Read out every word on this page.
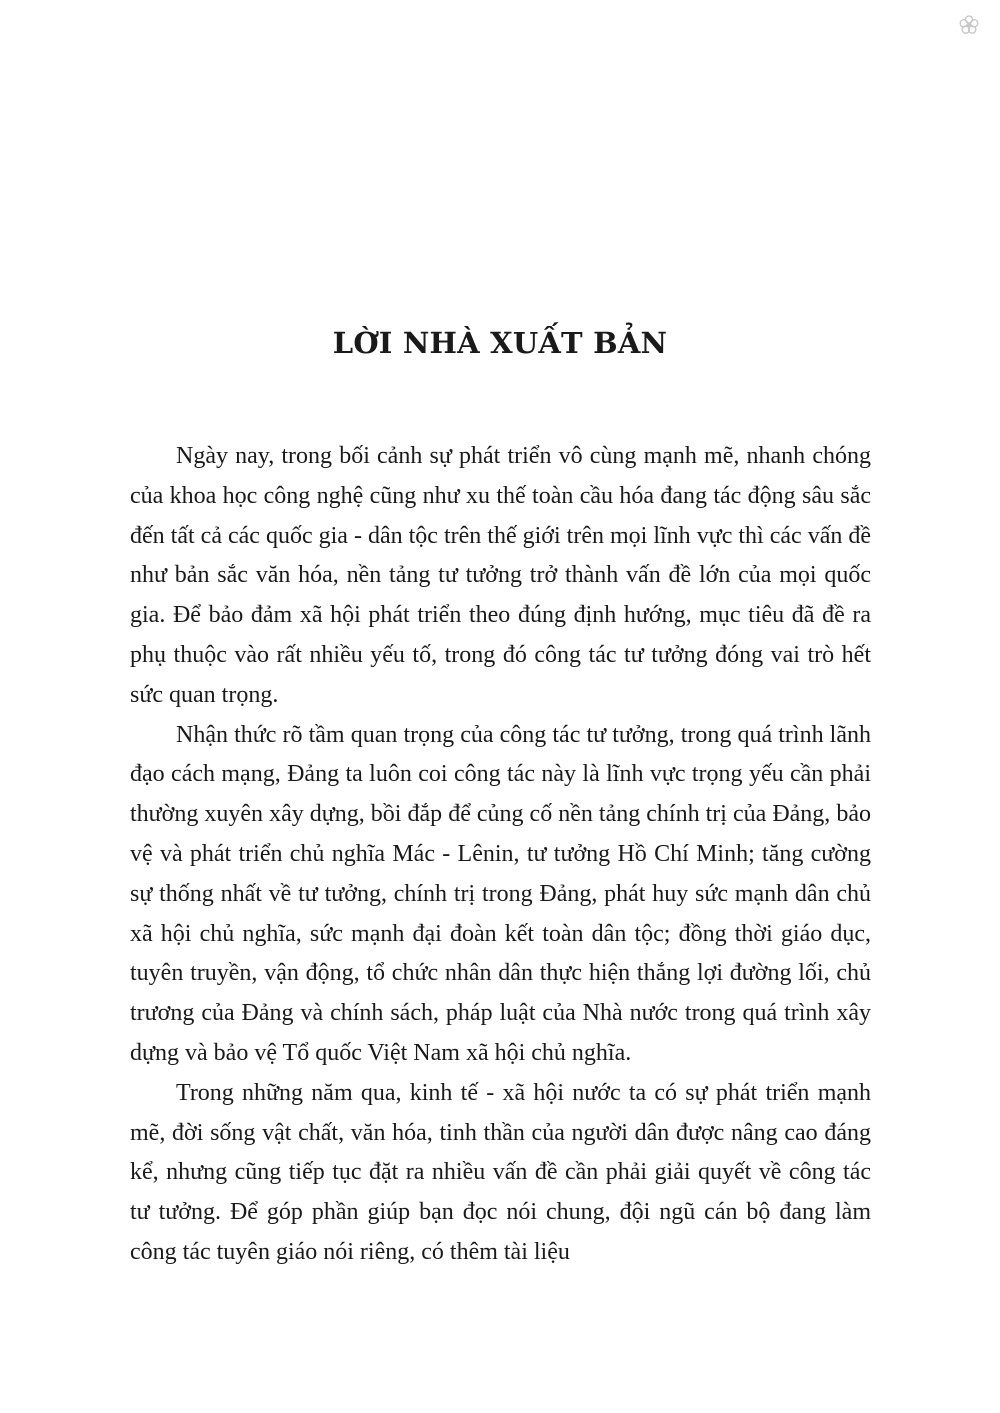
LỜI NHÀ XUẤT BẢN

Ngày nay, trong bối cảnh sự phát triển vô cùng mạnh mẽ, nhanh chóng của khoa học công nghệ cũng như xu thế toàn cầu hóa đang tác động sâu sắc đến tất cả các quốc gia - dân tộc trên thế giới trên mọi lĩnh vực thì các vấn đề như bản sắc văn hóa, nền tảng tư tưởng trở thành vấn đề lớn của mọi quốc gia. Để bảo đảm xã hội phát triển theo đúng định hướng, mục tiêu đã đề ra phụ thuộc vào rất nhiều yếu tố, trong đó công tác tư tưởng đóng vai trò hết sức quan trọng.

Nhận thức rõ tầm quan trọng của công tác tư tưởng, trong quá trình lãnh đạo cách mạng, Đảng ta luôn coi công tác này là lĩnh vực trọng yếu cần phải thường xuyên xây dựng, bồi đắp để củng cố nền tảng chính trị của Đảng, bảo vệ và phát triển chủ nghĩa Mác - Lênin, tư tưởng Hồ Chí Minh; tăng cường sự thống nhất về tư tưởng, chính trị trong Đảng, phát huy sức mạnh dân chủ xã hội chủ nghĩa, sức mạnh đại đoàn kết toàn dân tộc; đồng thời giáo dục, tuyên truyền, vận động, tổ chức nhân dân thực hiện thắng lợi đường lối, chủ trương của Đảng và chính sách, pháp luật của Nhà nước trong quá trình xây dựng và bảo vệ Tổ quốc Việt Nam xã hội chủ nghĩa.

Trong những năm qua, kinh tế - xã hội nước ta có sự phát triển mạnh mẽ, đời sống vật chất, văn hóa, tinh thần của người dân được nâng cao đáng kể, nhưng cũng tiếp tục đặt ra nhiều vấn đề cần phải giải quyết về công tác tư tưởng. Để góp phần giúp bạn đọc nói chung, đội ngũ cán bộ đang làm công tác tuyên giáo nói riêng, có thêm tài liệu
